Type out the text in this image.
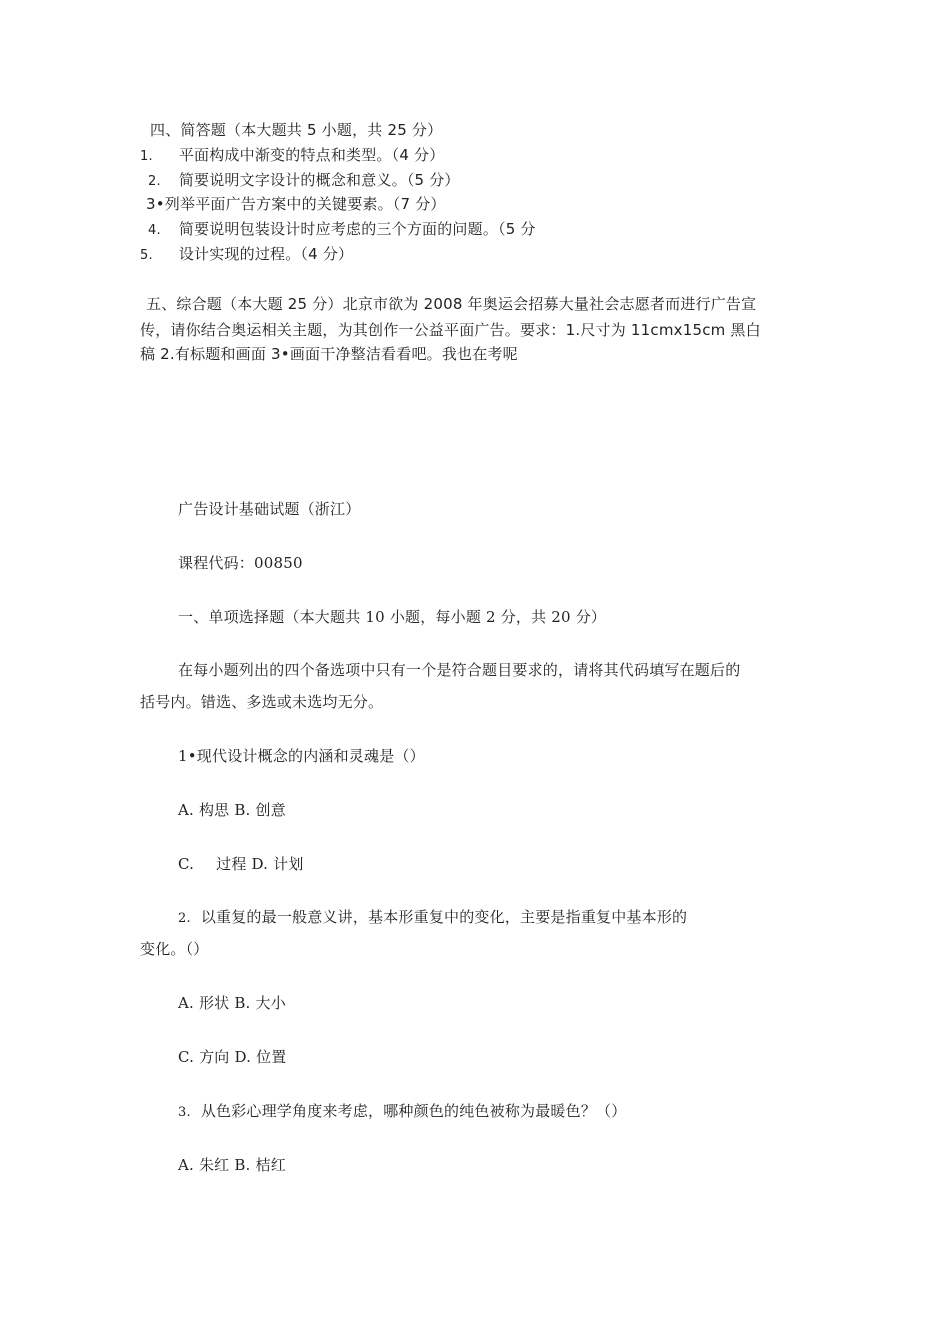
四、简答题（本大题共 5 小题，共 25 分）
1. 平面构成中渐变的特点和类型。（4 分）
2. 简要说明文字设计的概念和意义。（5 分）
3•列举平面广告方案中的关键要素。（7 分）
4. 简要说明包装设计时应考虑的三个方面的问题。（5 分
5. 设计实现的过程。（4 分）
五、综合题（本大题 25 分）北京市欲为 2008 年奥运会招募大量社会志愿者而进行广告宣
传，请你结合奥运相关主题，为其创作一公益平面广告。要求：1.尺寸为 11cmx15cm 黑白
稿 2.有标题和画面 3•画面干净整洁看看吧。我也在考呢
广告设计基础试题（浙江）
课程代码：00850
一、单项选择题（本大题共 10 小题，每小题 2 分，共 20 分）
在每小题列出的四个备选项中只有一个是符合题目要求的，请将其代码填写在题后的
括号内。错选、多选或未选均无分。
1•现代设计概念的内涵和灵魂是（）
A. 构思 B. 创意
C. 过程 D. 计划
2. 以重复的最一般意义讲，基本形重复中的变化，主要是指重复中基本形的
变化。（）
A. 形状 B. 大小
C. 方向 D. 位置
3. 从色彩心理学角度来考虑，哪种颜色的纯色被称为最暖色？（）
A. 朱红 B. 桔红
